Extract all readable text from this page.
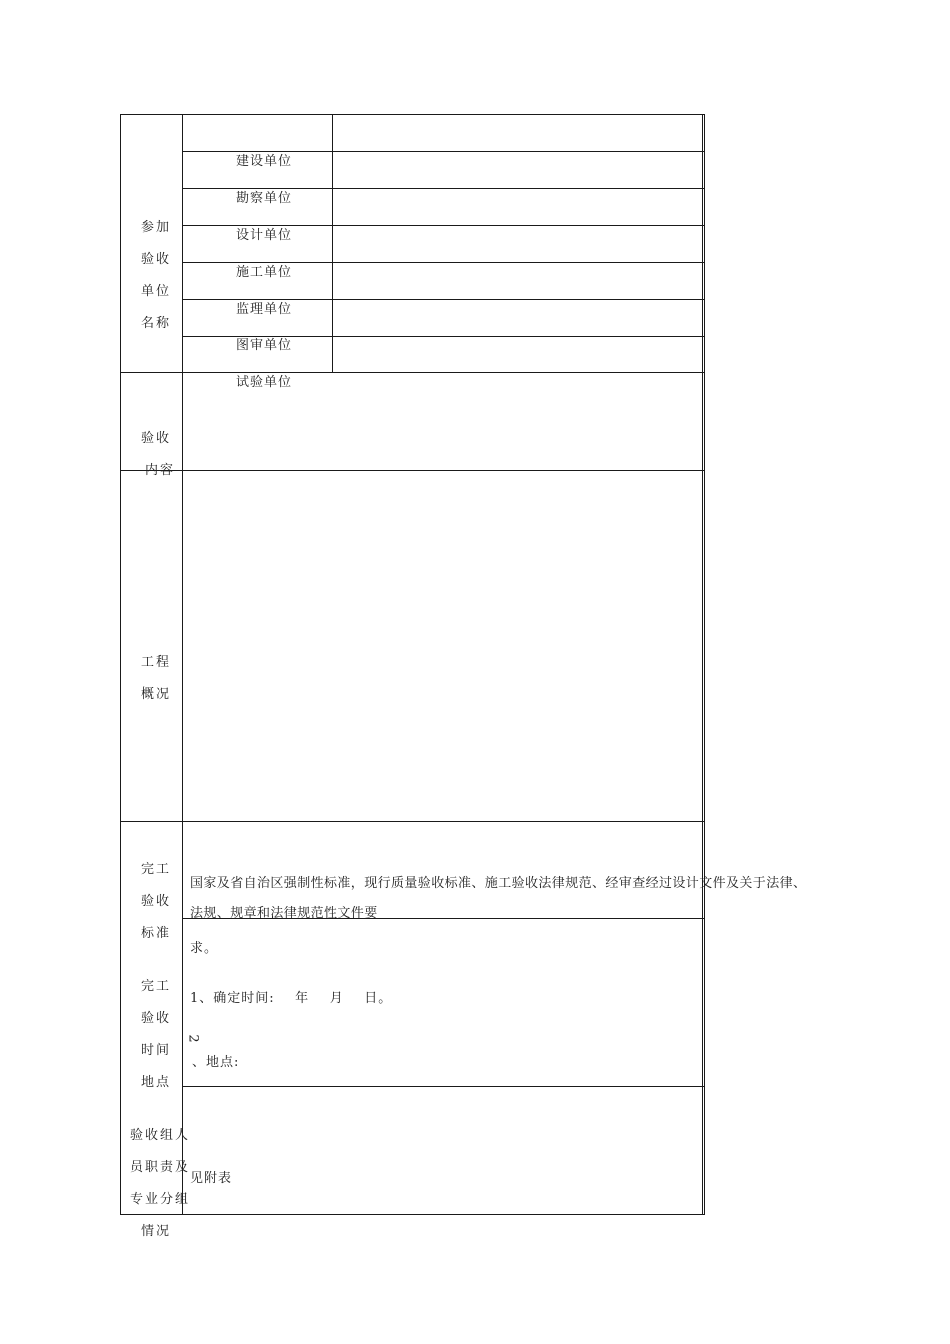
参加
验收
单位
名称
建设单位
勘察单位
设计单位
施工单位
监理单位
图审单位
试验单位
验收
内容
工程
概况
完工
验收
标准
国家及省自治区强制性标准，现行质量验收标准、施工验收法律规范、经审查经过设计文件及关于法律、
法规、规章和法律规范性文件要
求。
完工
验收
时间
地点
1、确定时间:    年    月    日。
2
、地点:
验收组人
员职责及
专业分组
情况
见附表
